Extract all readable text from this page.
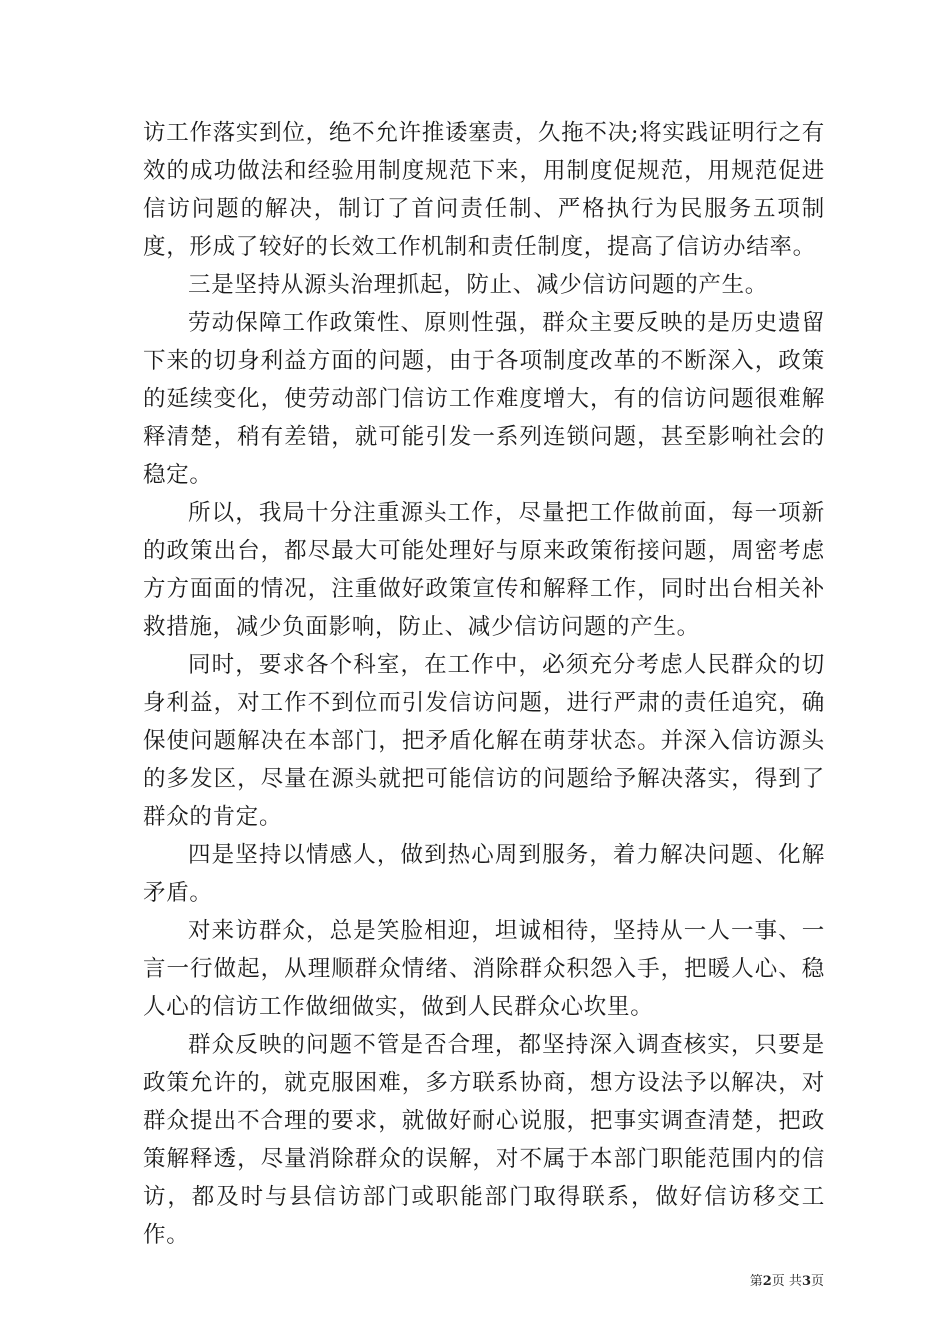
访工作落实到位，绝不允许推诿塞责，久拖不决;将实践证明行之有效的成功做法和经验用制度规范下来，用制度促规范，用规范促进信访问题的解决，制订了首问责任制、严格执行为民服务五项制度，形成了较好的长效工作机制和责任制度，提高了信访办结率。

三是坚持从源头治理抓起，防止、减少信访问题的产生。

劳动保障工作政策性、原则性强，群众主要反映的是历史遗留下来的切身利益方面的问题，由于各项制度改革的不断深入，政策的延续变化，使劳动部门信访工作难度增大，有的信访问题很难解释清楚，稍有差错，就可能引发一系列连锁问题，甚至影响社会的稳定。

所以，我局十分注重源头工作，尽量把工作做前面，每一项新的政策出台，都尽最大可能处理好与原来政策衔接问题，周密考虑方方面面的情况，注重做好政策宣传和解释工作，同时出台相关补救措施，减少负面影响，防止、减少信访问题的产生。

同时，要求各个科室，在工作中，必须充分考虑人民群众的切身利益，对工作不到位而引发信访问题，进行严肃的责任追究，确保使问题解决在本部门，把矛盾化解在萌芽状态。并深入信访源头的多发区，尽量在源头就把可能信访的问题给予解决落实，得到了群众的肯定。

四是坚持以情感人，做到热心周到服务，着力解决问题、化解矛盾。

对来访群众，总是笑脸相迎，坦诚相待，坚持从一人一事、一言一行做起，从理顺群众情绪、消除群众积怨入手，把暖人心、稳人心的信访工作做细做实，做到人民群众心坎里。

群众反映的问题不管是否合理，都坚持深入调查核实，只要是政策允许的，就克服困难，多方联系协商，想方设法予以解决，对群众提出不合理的要求，就做好耐心说服，把事实调查清楚，把政策解释透，尽量消除群众的误解，对不属于本部门职能范围内的信访，都及时与县信访部门或职能部门取得联系，做好信访移交工作。

第2页 共3页
